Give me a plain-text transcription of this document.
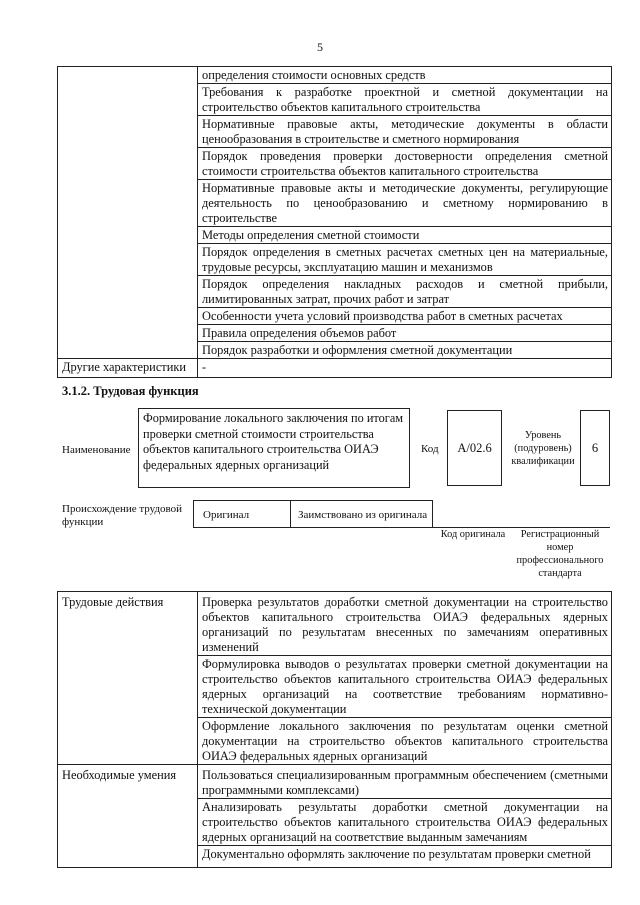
5
	определения стоимости основных средств
	Требования к разработке проектной и сметной документации на строительство объектов капитального строительства
	Нормативные правовые акты, методические документы в области ценообразования в строительстве и сметного нормирования
	Порядок проведения проверки достоверности определения сметной стоимости строительства объектов капитального строительства
	Нормативные правовые акты и методические документы, регулирующие деятельность по ценообразованию и сметному нормированию в строительстве
	Методы определения сметной стоимости
	Порядок определения в сметных расчетах сметных цен на материальные, трудовые ресурсы, эксплуатацию машин и механизмов
	Порядок определения накладных расходов и сметной прибыли, лимитированных затрат, прочих работ и затрат
	Особенности учета условий производства работ в сметных расчетах
	Правила определения объемов работ
	Порядок разработки и оформления сметной документации
Другие характеристики	-
3.1.2. Трудовая функция
Наименование
Формирование локального заключения по итогам проверки сметной стоимости строительства объектов капитального строительства ОИАЭ федеральных ядерных организаций
Код	A/02.6
Уровень (подуровень) квалификации
6
Происхождение трудовой функции
Оригинал	Заимствовано из оригинала
Код оригинала	Регистрационный номер профессионального стандарта
Трудовые действия	Проверка результатов доработки сметной документации на строительство объектов капитального строительства ОИАЭ федеральных ядерных организаций по результатам внесенных по замечаниям оперативных изменений
	Формулировка выводов о результатах проверки сметной документации на строительство объектов капитального строительства ОИАЭ федеральных ядерных организаций на соответствие требованиям нормативно-технической документации
	Оформление локального заключения по результатам оценки сметной документации на строительство объектов капитального строительства ОИАЭ федеральных ядерных организаций
Необходимые умения	Пользоваться специализированным программным обеспечением (сметными программными комплексами)
	Анализировать результаты доработки сметной документации на строительство объектов капитального строительства ОИАЭ федеральных ядерных организаций на соответствие выданным замечаниям
	Документально оформлять заключение по результатам проверки сметной
